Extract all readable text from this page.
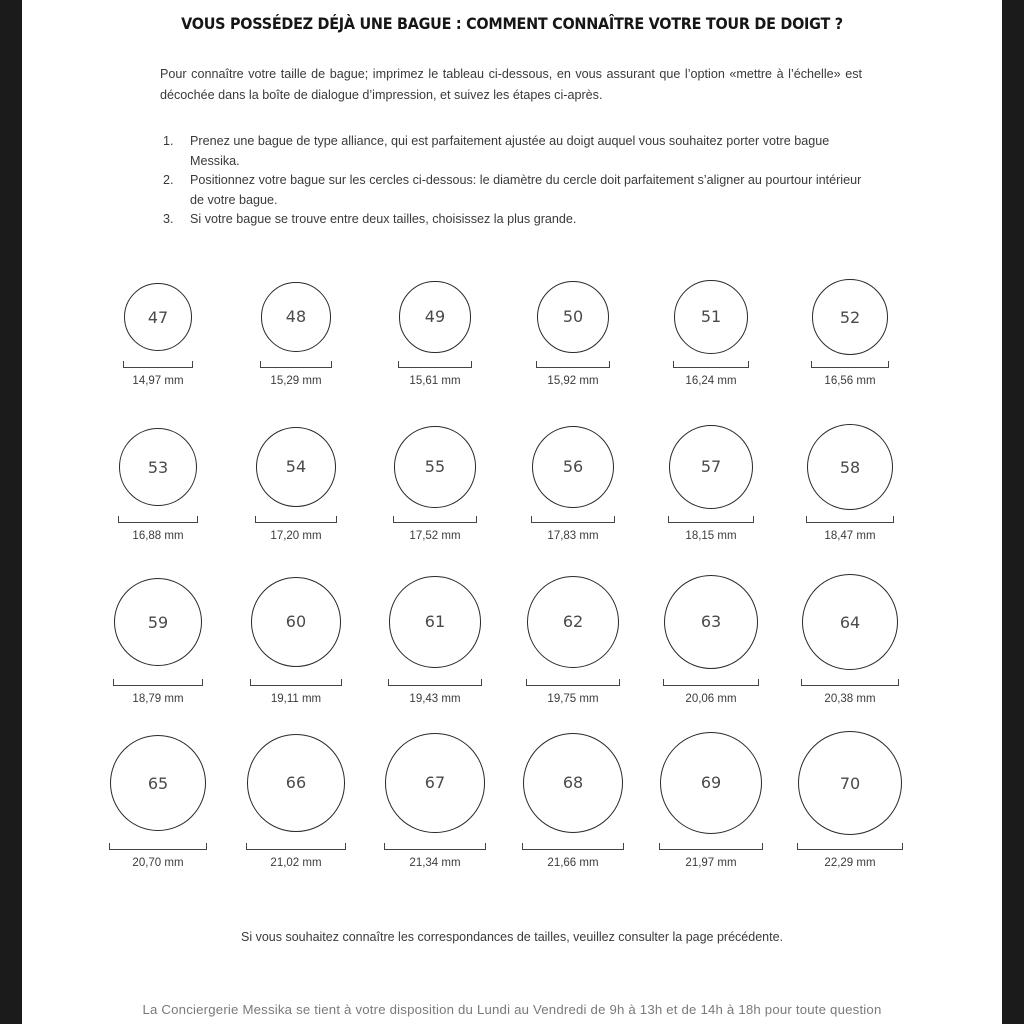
VOUS POSSÉDEZ DÉJÀ UNE BAGUE : COMMENT CONNAÎTRE VOTRE TOUR DE DOIGT ?

Pour connaître votre taille de bague; imprimez le tableau ci-dessous, en vous assurant que l’option «mettre à l’échelle» est décochée dans la boîte de dialogue d’impression, et suivez les étapes ci-après.

1. Prenez une bague de type alliance, qui est parfaitement ajustée au doigt auquel vous souhaitez porter votre bague Messika.
2. Positionnez votre bague sur les cercles ci-dessous: le diamètre du cercle doit parfaitement s’aligner au pourtour intérieur de votre bague.
3. Si votre bague se trouve entre deux tailles, choisissez la plus grande.
47
14,97 mm
48
15,29 mm
49
15,61 mm
50
15,92 mm
51
16,24 mm
52
16,56 mm
53
16,88 mm
54
17,20 mm
55
17,52 mm
56
17,83 mm
57
18,15 mm
58
18,47 mm
59
18,79 mm
60
19,11 mm
61
19,43 mm
62
19,75 mm
63
20,06 mm
64
20,38 mm
65
20,70 mm
66
21,02 mm
67
21,34 mm
68
21,66 mm
69
21,97 mm
70
22,29 mm
Si vous souhaitez connaître les correspondances de tailles, veuillez consulter la page précédente.
La Conciergerie Messika se tient à votre disposition du Lundi au Vendredi de 9h à 13h et de 14h à 18h pour toute question
